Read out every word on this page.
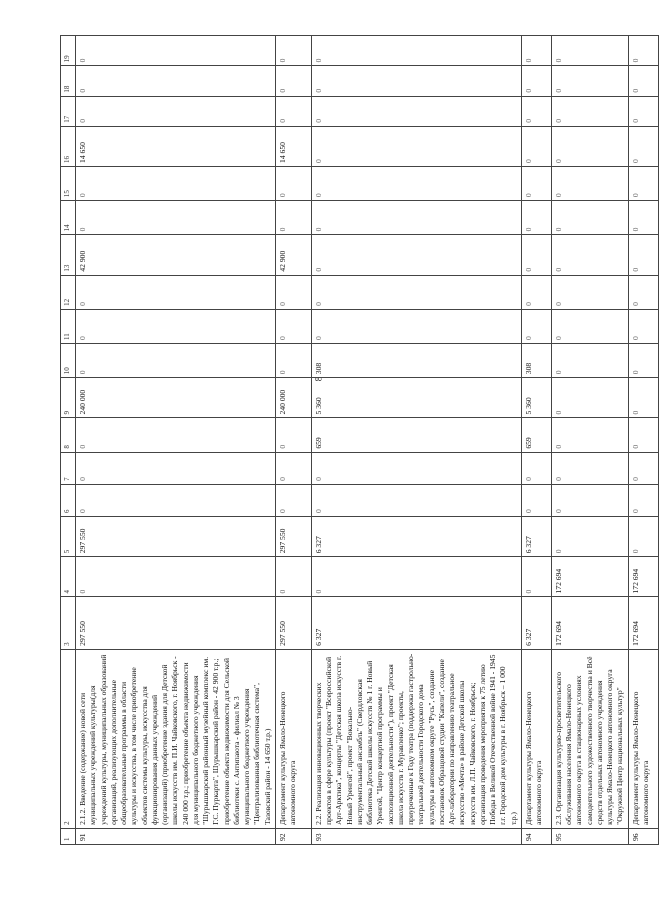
8
1	2	3	4	5	6	7	8	9	10	11	12	13	14	15	16	17	18	19
91	2.1.2. Введение (содержание) новой сети муниципальных учреждений культуры(для учреждений культуры, муниципальных образований организаций, реализующих дополнительные общеобразовательные программы в области культуры и искусства, в том числе приобретение объектов системы культуры, искусства для функционирования данных учреждений (организаций) (приобретение здания для Детской школы искусств им. П.И. Чайковского, г. Ноябрьск - 240 000 т.р.; приобретение объекта недвижимости для муниципального бюджетного учреждения "Шурышкарский районный музейный комплекс им. Г.С. Пуркарта", Шурышкарский район - 42 900 т.р.; приобретение объекта недвижимости для Сельской библиотеки с. Антипаюта - филиал № 3 муниципального бюджетного учреждения "Централизованная библиотечная система", Тазовский район - 14 650 т.р.)	297 550	0	297 550	0	0	0	240 000	0	0	0	42 900	0	0	14 650	0	0	0
92	Департамент культуры Ямало-Ненецкого автономного округа	297 550	0	297 550	0	0	0	240 000	0	0	0	42 900	0	0	14 650	0	0	0
93	2.2. Реализация инновационных творческих проектов в сфере культуры (проект "Всероссийской Арт-Арктика", концерты "Детская школа искусств г. Новый Уренгой", проект "Вокально-инструментальный ансамбль" (Свердловская библиотека Детской школы искусств № 1 г. Новый Уренгой, "Центр концертной программы и экспозиционной деятельности"), проект "Детская школа искусств г. Муравленко"; проекты, приуроченные к Году театра (поддержка гастрольно-театральной деятельности Городского дома культуры в автономном округе "Русь", создание постановок Образцовой студии "Капели", создание Арт-лаборатории по направлению театральное искусство «Мечта» в районе Детской школы искусств им. Л.П. Чайковского, г. Ноябрьск; организация проведения мероприятия к 75 летию Победы в Великой Отечественной войне 1941 - 1945 г.г. Городской дом культуры в г. Ноябрьск – 1 000 т.р.)	6 327	0	6 327	0	0	659	5 360	308	0	0	0	0	0	0	0	0	0
94	Департамент культуры Ямало-Ненецкого автономного округа	6 327	0	6 327	0	0	659	5 360	308	0	0	0	0	0	0	0	0	0
95	2.3. Организация культурно-просветительского обслуживания населения Ямало-Ненецкого автономного округа в стационарных условиях самодеятельного художественного творчества и Всё средств отдельных автономного учреждения культуры Ямало-Ненецкого автономного округа "Окружной Центр национальных культур"	172 694	172 694	0	0	0	0	0	0	0	0	0	0	0	0	0	0	0
96	Департамент культуры Ямало-Ненецкого автономного округа	172 694	172 694	0	0	0	0	0	0	0	0	0	0	0	0	0	0	0
